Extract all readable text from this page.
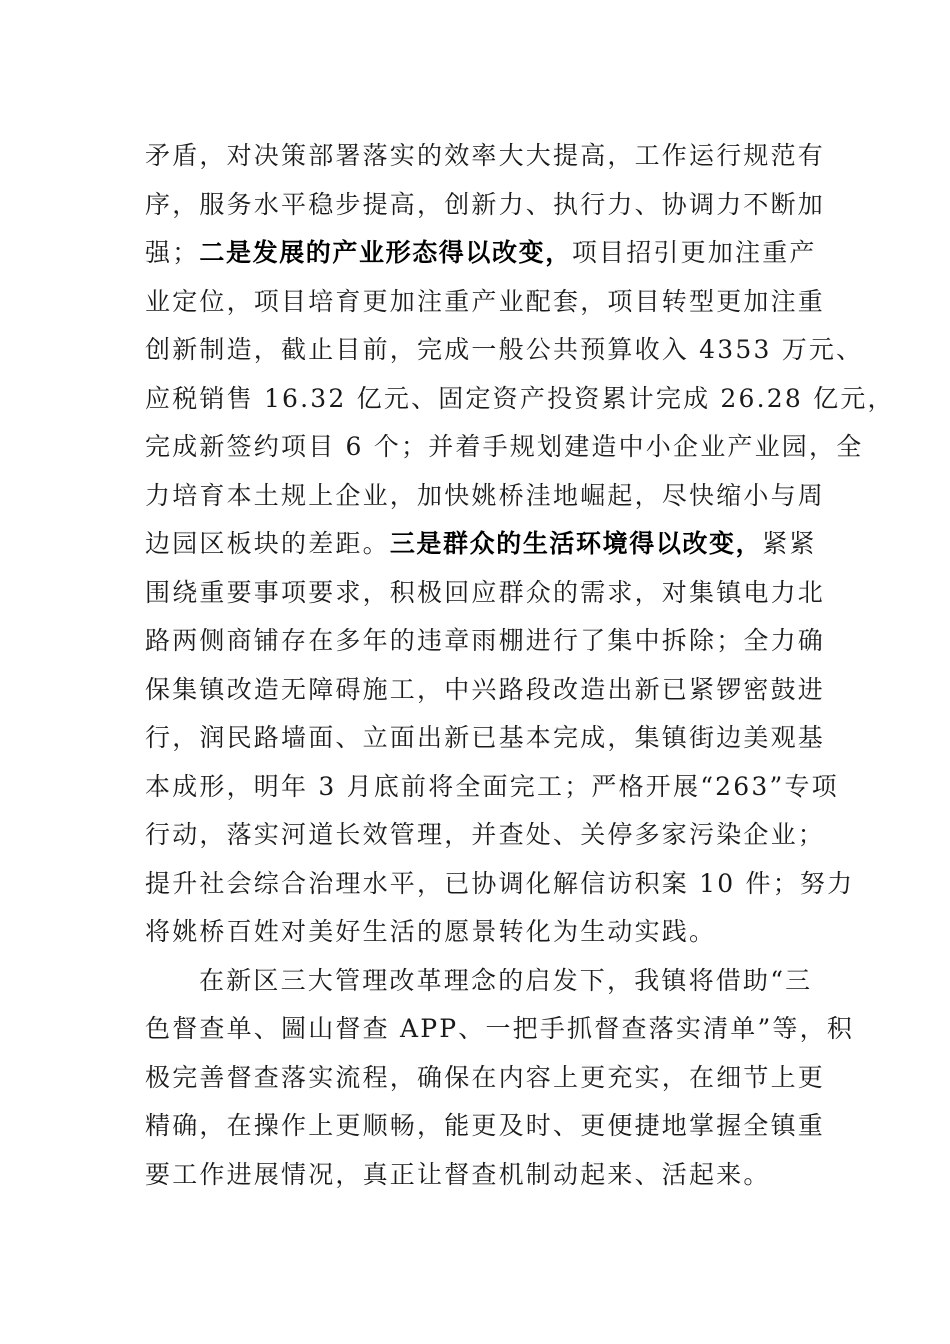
矛盾，对决策部署落实的效率大大提高，工作运行规范有
序，服务水平稳步提高，创新力、执行力、协调力不断加
强；二是发展的产业形态得以改变，项目招引更加注重产
业定位，项目培育更加注重产业配套，项目转型更加注重
创新制造，截止目前，完成一般公共预算收入 4353 万元、
应税销售 16.32 亿元、固定资产投资累计完成 26.28 亿元，
完成新签约项目 6 个；并着手规划建造中小企业产业园，全
力培育本土规上企业，加快姚桥洼地崛起，尽快缩小与周
边园区板块的差距。三是群众的生活环境得以改变，紧紧
围绕重要事项要求，积极回应群众的需求，对集镇电力北
路两侧商铺存在多年的违章雨棚进行了集中拆除；全力确
保集镇改造无障碍施工，中兴路段改造出新已紧锣密鼓进
行，润民路墙面、立面出新已基本完成，集镇街边美观基
本成形，明年 3 月底前将全面完工；严格开展“263”专项
行动，落实河道长效管理，并查处、关停多家污染企业；
提升社会综合治理水平，已协调化解信访积案 10 件；努力
将姚桥百姓对美好生活的愿景转化为生动实践。
在新区三大管理改革理念的启发下，我镇将借助“三
色督查单、圌山督查 APP、一把手抓督查落实清单”等，积
极完善督查落实流程，确保在内容上更充实，在细节上更
精确，在操作上更顺畅，能更及时、更便捷地掌握全镇重
要工作进展情况，真正让督查机制动起来、活起来。
